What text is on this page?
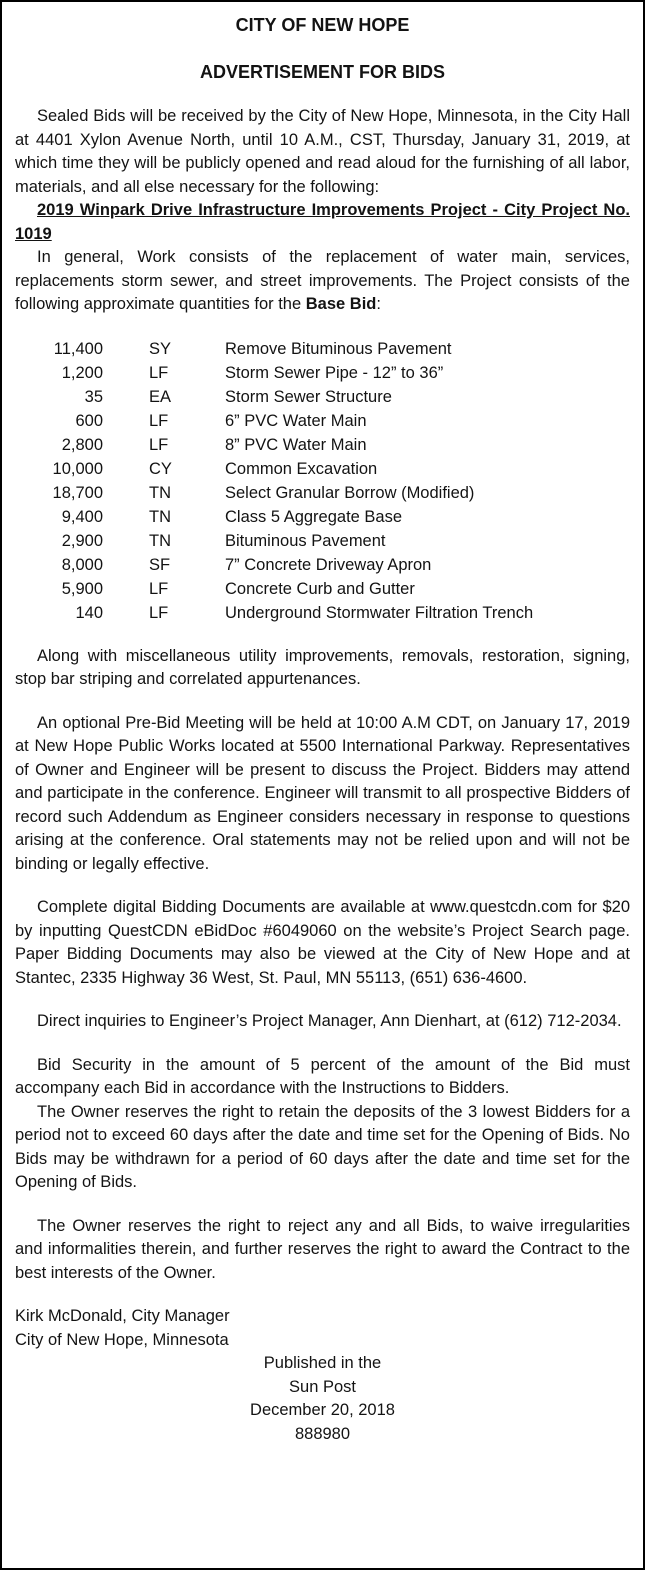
CITY OF NEW HOPE

ADVERTISEMENT FOR BIDS

Sealed Bids will be received by the City of New Hope, Minnesota, in the City Hall at 4401 Xylon Avenue North, until 10 A.M., CST, Thursday, January 31, 2019, at which time they will be publicly opened and read aloud for the furnishing of all labor, materials, and all else necessary for the following:

2019 Winpark Drive Infrastructure Improvements Project - City Project No. 1019

In general, Work consists of the replacement of water main, services, replacements storm sewer, and street improvements. The Project consists of the following approximate quantities for the Base Bid:

11,400	SY	Remove Bituminous Pavement
1,200	LF	Storm Sewer Pipe - 12” to 36”
35	EA	Storm Sewer Structure
600	LF	6” PVC Water Main
2,800	LF	8” PVC Water Main
10,000	CY	Common Excavation
18,700	TN	Select Granular Borrow (Modified)
9,400	TN	Class 5 Aggregate Base
2,900	TN	Bituminous Pavement
8,000	SF	7” Concrete Driveway Apron
5,900	LF	Concrete Curb and Gutter
140	LF	Underground Stormwater Filtration Trench

Along with miscellaneous utility improvements, removals, restoration, signing, stop bar striping and correlated appurtenances.

An optional Pre-Bid Meeting will be held at 10:00 A.M CDT, on January 17, 2019 at New Hope Public Works located at 5500 International Parkway. Representatives of Owner and Engineer will be present to discuss the Project. Bidders may attend and participate in the conference. Engineer will transmit to all prospective Bidders of record such Addendum as Engineer considers necessary in response to questions arising at the conference. Oral statements may not be relied upon and will not be binding or legally effective.

Complete digital Bidding Documents are available at www.questcdn.com for $20 by inputting QuestCDN eBidDoc #6049060 on the website’s Project Search page. Paper Bidding Documents may also be viewed at the City of New Hope and at Stantec, 2335 Highway 36 West, St. Paul, MN 55113, (651) 636-4600.

Direct inquiries to Engineer’s Project Manager, Ann Dienhart, at (612) 712-2034.

Bid Security in the amount of 5 percent of the amount of the Bid must accompany each Bid in accordance with the Instructions to Bidders.

The Owner reserves the right to retain the deposits of the 3 lowest Bidders for a period not to exceed 60 days after the date and time set for the Opening of Bids. No Bids may be withdrawn for a period of 60 days after the date and time set for the Opening of Bids.

The Owner reserves the right to reject any and all Bids, to waive irregularities and informalities therein, and further reserves the right to award the Contract to the best interests of the Owner.

Kirk McDonald, City Manager

City of New Hope, Minnesota

Published in the

Sun Post

December 20, 2018

888980
